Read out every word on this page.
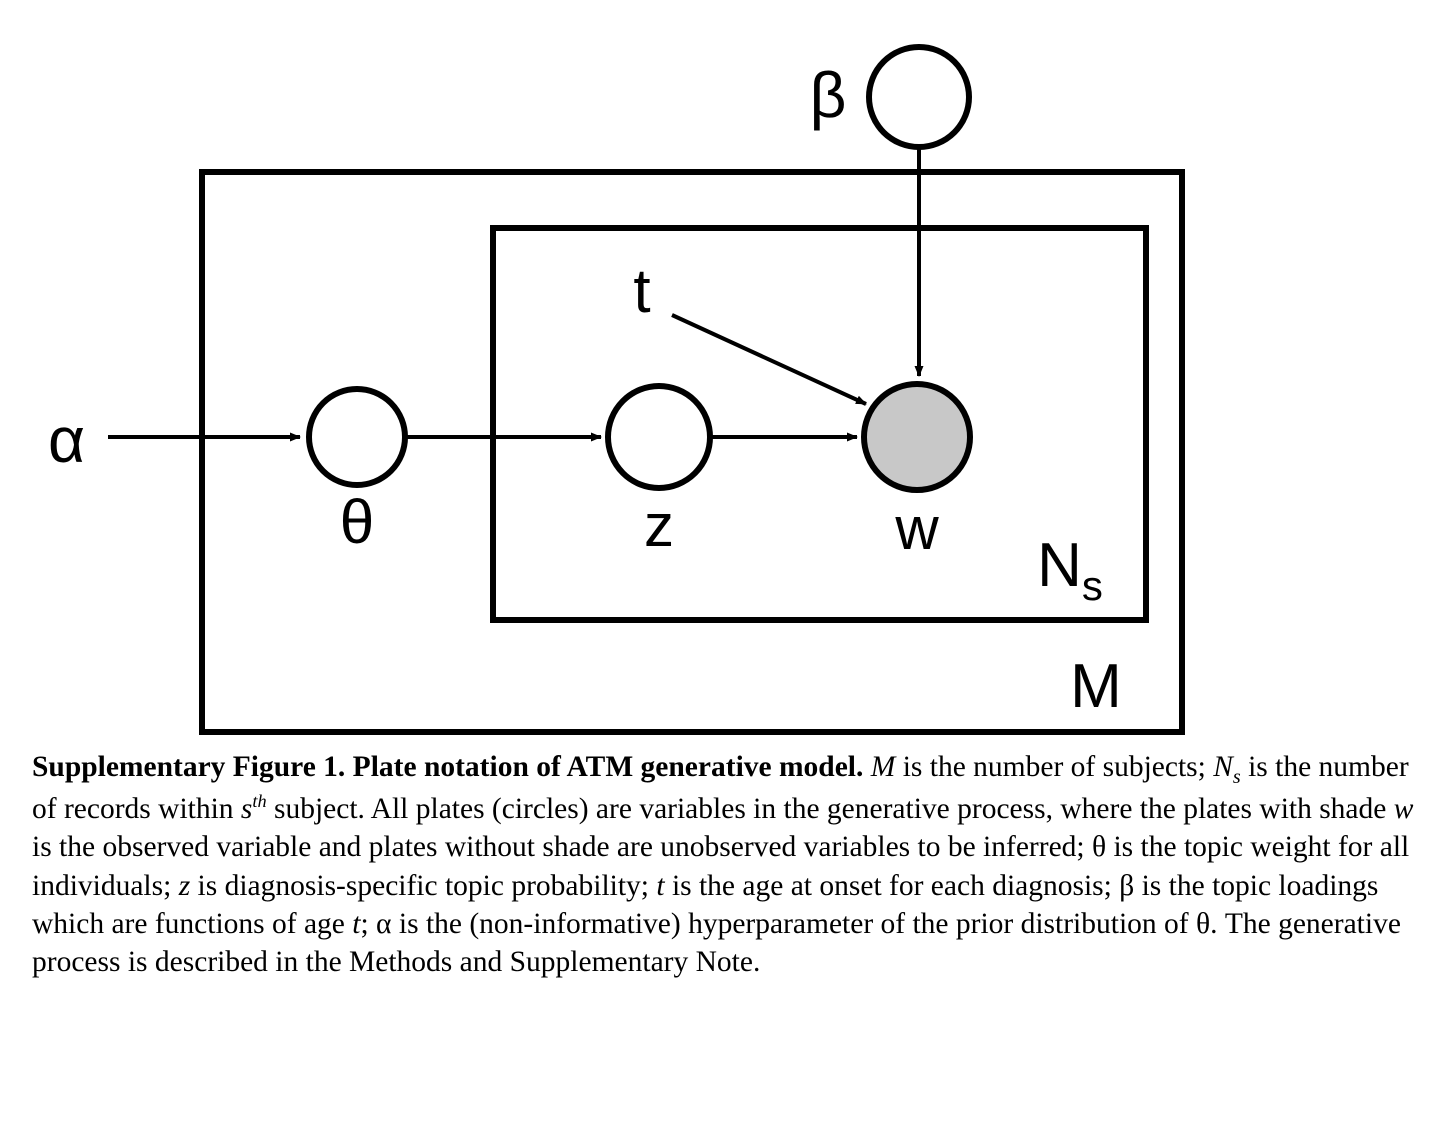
β
θ	z	w
α
t
$N_s$
M
Supplementary Figure 1. Plate notation of ATM generative model. M is the number of subjects; $N_s$ is the number of records within $s^{th}$ subject. All plates (circles) are variables in the generative process, where the plates with shade w is the observed variable and plates without shade are unobserved variables to be inferred; θ is the topic weight for all individuals; z is diagnosis-specific topic probability; t is the age at onset for each diagnosis; β is the topic loadings which are functions of age t; α is the (non-informative) hyperparameter of the prior distribution of θ. The generative process is described in the Methods and Supplementary Note.
